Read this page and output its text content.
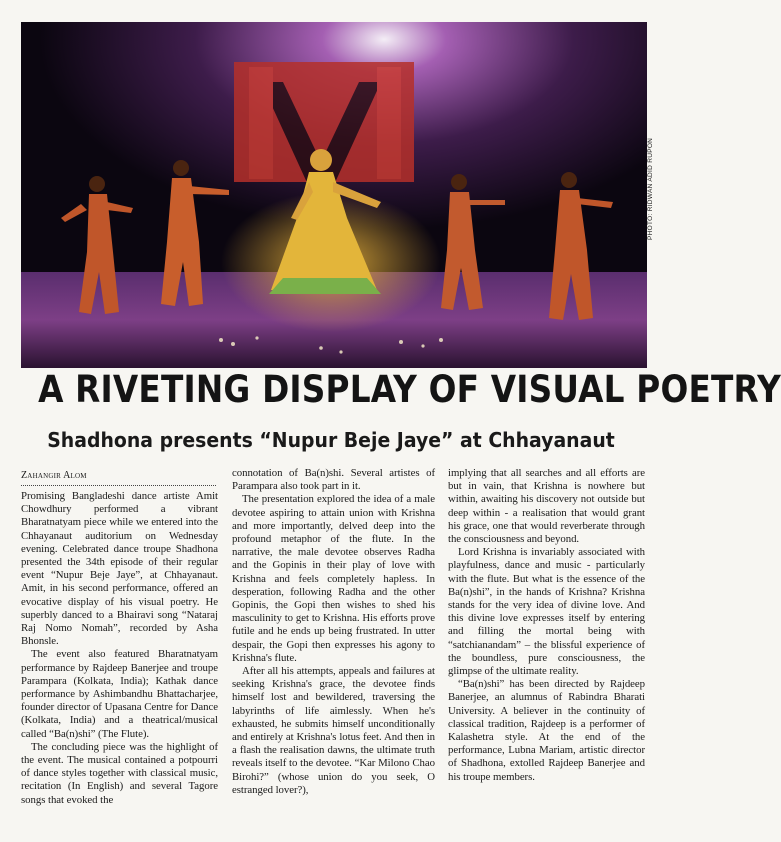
PHOTO: RIDWAN ADID RUPON
A RIVETING DISPLAY OF VISUAL POETRY
Shadhona presents “Nupur Beje Jaye” at Chhayanaut
Zahangir Alom

Promising Bangladeshi dance artiste Amit Chowdhury performed a vibrant Bharatnatyam piece while we entered into the Chhayanaut auditorium on Wednesday evening. Celebrated dance troupe Shadhona presented the 34th episode of their regular event “Nupur Beje Jaye”, at Chhayanaut. Amit, in his second performance, offered an evocative display of his visual poetry. He superbly danced to a Bhairavi song “Nataraj Raj Nomo Nomah”, recorded by Asha Bhonsle.

The event also featured Bharatnatyam performance by Rajdeep Banerjee and troupe Parampara (Kolkata, India); Kathak dance performance by Ashimbandhu Bhattacharjee, founder director of Upasana Centre for Dance (Kolkata, India) and a theatrical/musical called “Ba(n)shi” (The Flute).

The concluding piece was the highlight of the event. The musical contained a potpourri of dance styles together with classical music, recitation (In English) and several Tagore songs that evoked the

connotation of Ba(n)shi. Several artistes of Parampara also took part in it.

The presentation explored the idea of a male devotee aspiring to attain union with Krishna and more importantly, delved deep into the profound metaphor of the flute. In the narrative, the male devotee observes Radha and the Gopinis in their play of love with Krishna and feels completely hapless. In desperation, following Radha and the other Gopinis, the Gopi then wishes to shed his masculinity to get to Krishna. His efforts prove futile and he ends up being frustrated. In utter despair, the Gopi then expresses his agony to Krishna's flute.

After all his attempts, appeals and failures at seeking Krishna's grace, the devotee finds himself lost and bewildered, traversing the labyrinths of life aimlessly. When he's exhausted, he submits himself unconditionally and entirely at Krishna's lotus feet. And then in a flash the realisation dawns, the ultimate truth reveals itself to the devotee. “Kar Milono Chao Birohi?” (whose union do you seek, O estranged lover?),

implying that all searches and all efforts are but in vain, that Krishna is nowhere but within, awaiting his discovery not outside but deep within - a realisation that would grant his grace, one that would reverberate through the consciousness and beyond.

Lord Krishna is invariably associated with playfulness, dance and music - particularly with the flute. But what is the essence of the Ba(n)shi”, in the hands of Krishna? Krishna stands for the very idea of divine love. And this divine love expresses itself by entering and filling the mortal being with “satchianandam” – the blissful experience of the boundless, pure consciousness, the glimpse of the ultimate reality.

“Ba(n)shi” has been directed by Rajdeep Banerjee, an alumnus of Rabindra Bharati University. A believer in the continuity of classical tradition, Rajdeep is a performer of Kalashetra style. At the end of the performance, Lubna Mariam, artistic director of Shadhona, extolled Rajdeep Banerjee and his troupe members.
